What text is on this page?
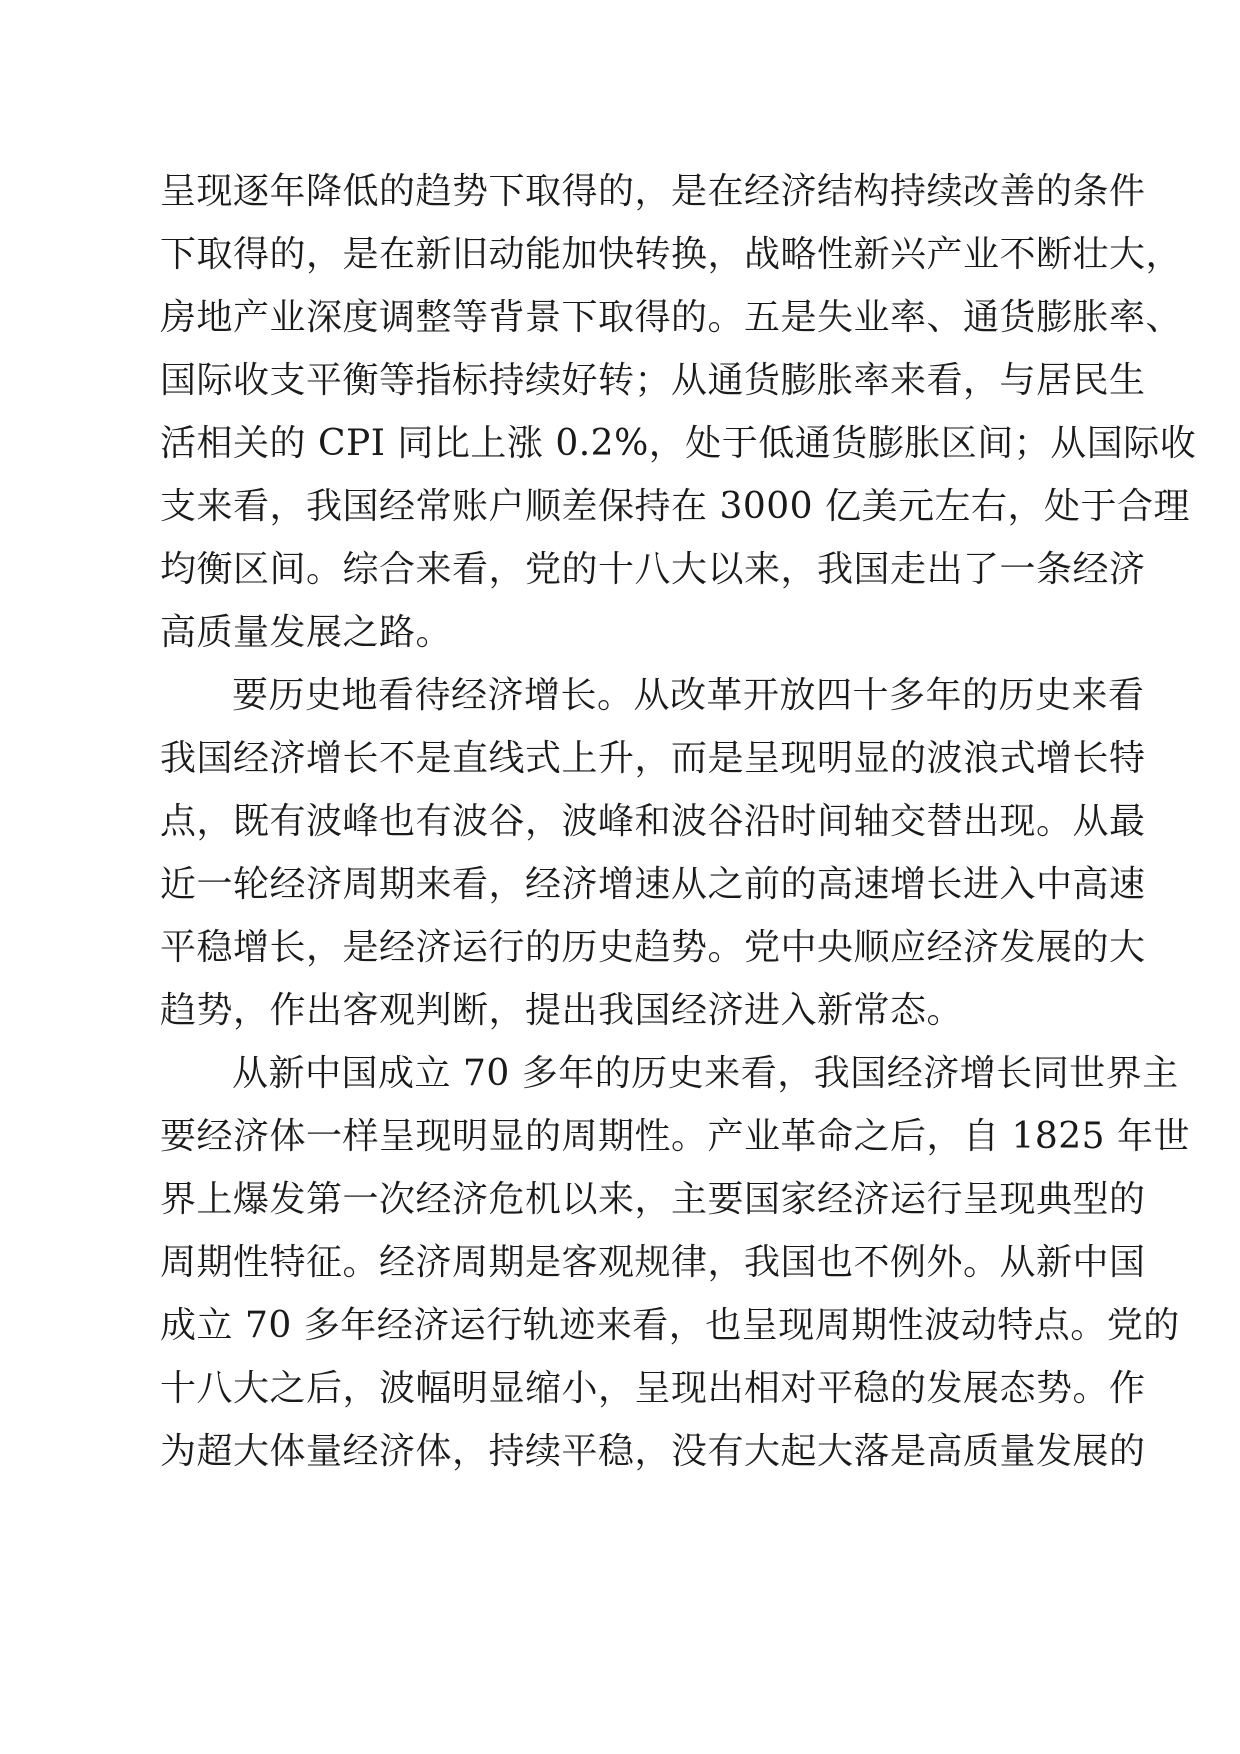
呈现逐年降低的趋势下取得的，是在经济结构持续改善的条件
下取得的，是在新旧动能加快转换，战略性新兴产业不断壮大，
房地产业深度调整等背景下取得的。五是失业率、通货膨胀率、
国际收支平衡等指标持续好转；从通货膨胀率来看，与居民生
活相关的 CPI 同比上涨 0.2%，处于低通货膨胀区间；从国际收
支来看，我国经常账户顺差保持在 3000 亿美元左右，处于合理
均衡区间。综合来看，党的十八大以来，我国走出了一条经济
高质量发展之路。
要历史地看待经济增长。从改革开放四十多年的历史来看
我国经济增长不是直线式上升，而是呈现明显的波浪式增长特
点，既有波峰也有波谷，波峰和波谷沿时间轴交替出现。从最
近一轮经济周期来看，经济增速从之前的高速增长进入中高速
平稳增长，是经济运行的历史趋势。党中央顺应经济发展的大
趋势，作出客观判断，提出我国经济进入新常态。
从新中国成立 70 多年的历史来看，我国经济增长同世界主
要经济体一样呈现明显的周期性。产业革命之后，自 1825 年世
界上爆发第一次经济危机以来，主要国家经济运行呈现典型的
周期性特征。经济周期是客观规律，我国也不例外。从新中国
成立 70 多年经济运行轨迹来看，也呈现周期性波动特点。党的
十八大之后，波幅明显缩小，呈现出相对平稳的发展态势。作
为超大体量经济体，持续平稳，没有大起大落是高质量发展的
